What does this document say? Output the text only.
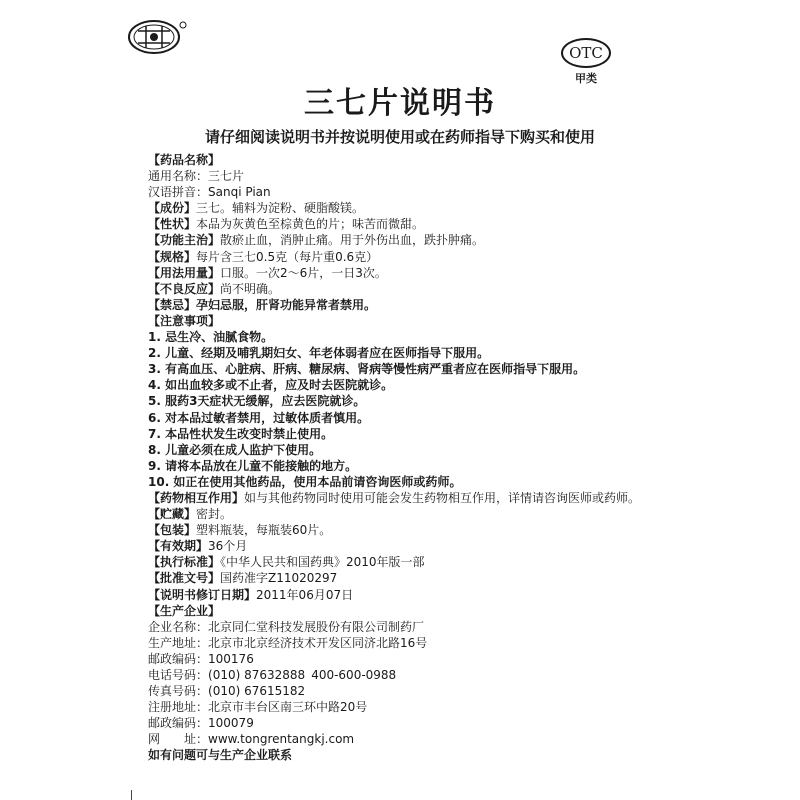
OTC
甲类
三七片说明书
请仔细阅读说明书并按说明使用或在药师指导下购买和使用
【药品名称】
通用名称：三七片
汉语拼音：Sanqi Pian
【成份】三七。辅料为淀粉、硬脂酸镁。
【性状】本品为灰黄色至棕黄色的片；味苦而微甜。
【功能主治】散瘀止血，消肿止痛。用于外伤出血，跌扑肿痛。
【规格】每片含三七0.5克（每片重0.6克）
【用法用量】口服。一次2～6片，一日3次。
【不良反应】尚不明确。
【禁忌】孕妇忌服，肝肾功能异常者禁用。
【注意事项】
1. 忌生冷、油腻食物。
2. 儿童、经期及哺乳期妇女、年老体弱者应在医师指导下服用。
3. 有高血压、心脏病、肝病、糖尿病、肾病等慢性病严重者应在医师指导下服用。
4. 如出血较多或不止者，应及时去医院就诊。
5. 服药3天症状无缓解，应去医院就诊。
6. 对本品过敏者禁用，过敏体质者慎用。
7. 本品性状发生改变时禁止使用。
8. 儿童必须在成人监护下使用。
9. 请将本品放在儿童不能接触的地方。
10. 如正在使用其他药品，使用本品前请咨询医师或药师。
【药物相互作用】如与其他药物同时使用可能会发生药物相互作用，详情请咨询医师或药师。
【贮藏】密封。
【包装】塑料瓶装，每瓶装60片。
【有效期】36个月
【执行标准】《中华人民共和国药典》2010年版一部
【批准文号】国药准字Z11020297
【说明书修订日期】2011年06月07日
【生产企业】
企业名称：北京同仁堂科技发展股份有限公司制药厂
生产地址：北京市北京经济技术开发区同济北路16号
邮政编码：100176
电话号码：(010) 87632888 400-600-0988
传真号码：(010) 67615182
注册地址：北京市丰台区南三环中路20号
邮政编码：100079
网　　址：www.tongrentangkj.com
如有问题可与生产企业联系
